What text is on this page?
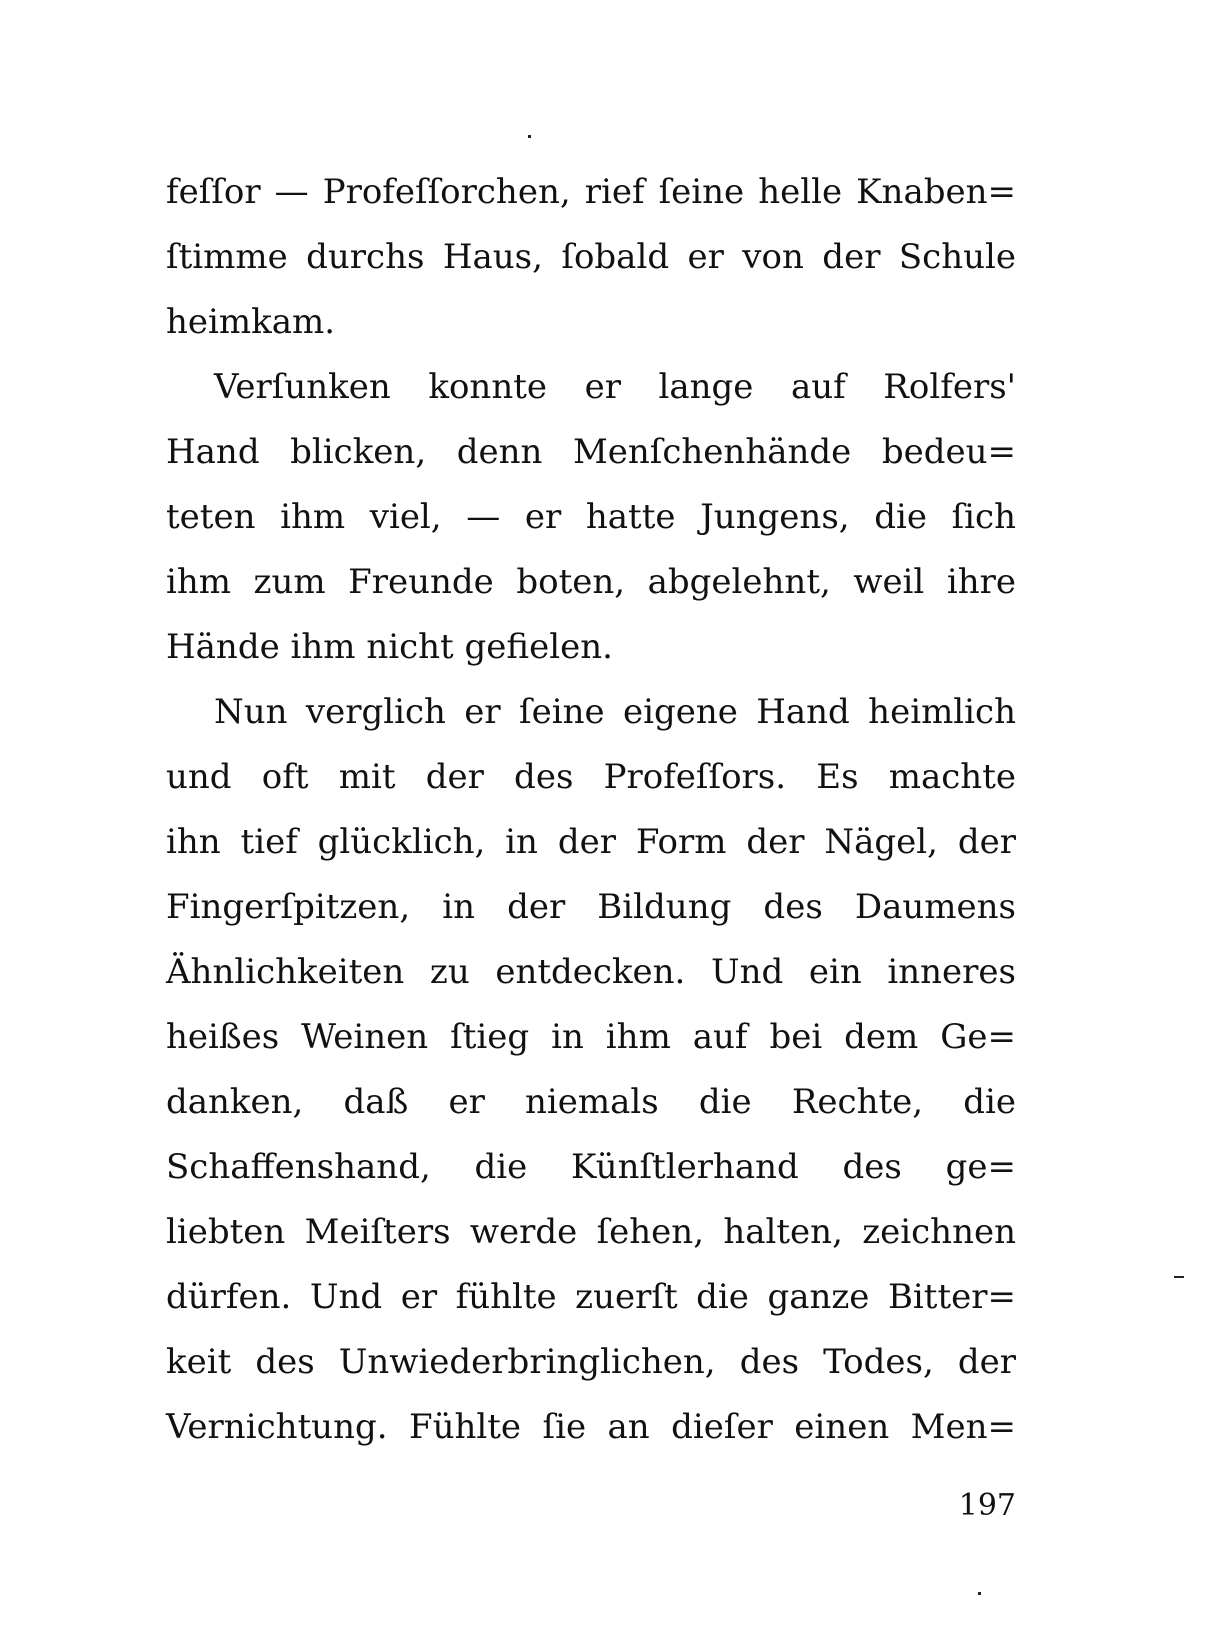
feſſor — Profeſſorchen, rief ſeine helle Knaben=
ſtimme durchs Haus, ſobald er von der Schule
heimkam.
Verſunken konnte er lange auf Rolfers'
Hand blicken, denn Menſchenhände bedeu=
teten ihm viel, — er hatte Jungens, die ſich
ihm zum Freunde boten, abgelehnt, weil ihre
Hände ihm nicht gefielen.
Nun verglich er ſeine eigene Hand heimlich
und oft mit der des Profeſſors. Es machte
ihn tief glücklich, in der Form der Nägel, der
Fingerſpitzen, in der Bildung des Daumens
Ähnlichkeiten zu entdecken. Und ein inneres
heißes Weinen ſtieg in ihm auf bei dem Ge=
danken, daß er niemals die Rechte, die
Schaffenshand, die Künſtlerhand des ge=
liebten Meiſters werde ſehen, halten, zeichnen
dürfen. Und er fühlte zuerſt die ganze Bitter=
keit des Unwiederbringlichen, des Todes, der
Vernichtung. Fühlte ſie an dieſer einen Men=
197
